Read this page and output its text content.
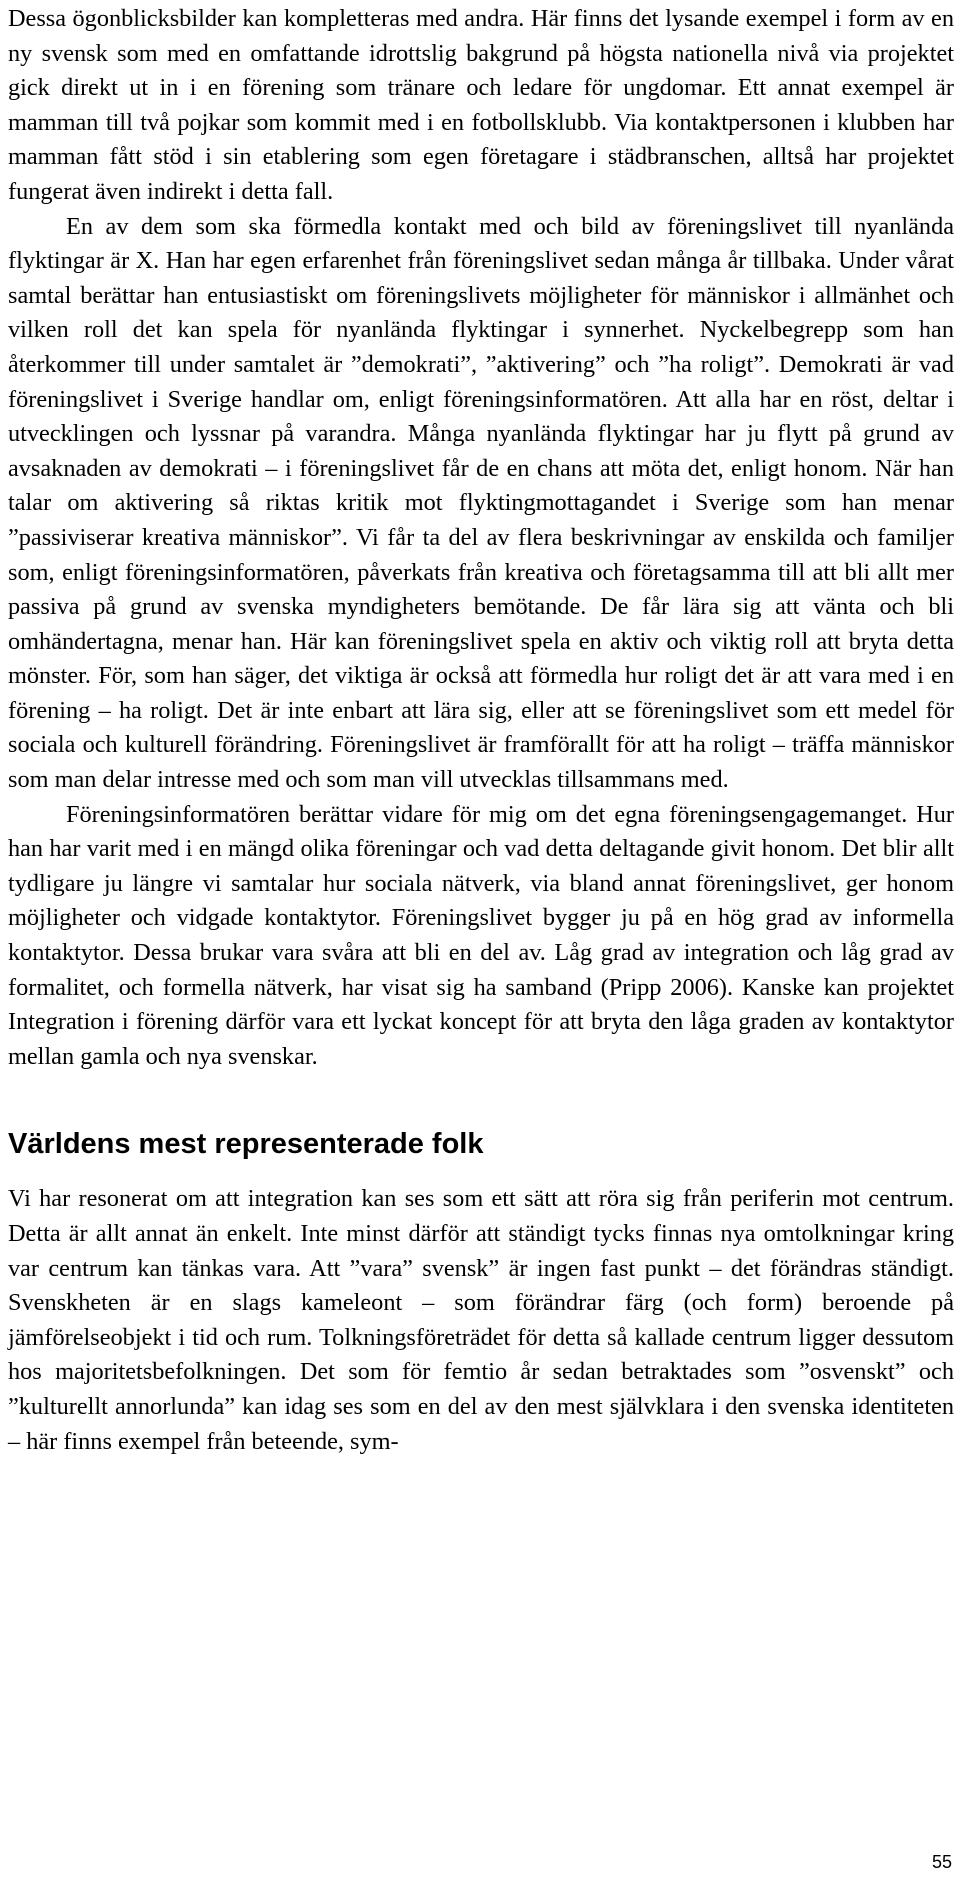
Dessa ögonblicksbilder kan kompletteras med andra. Här finns det lysande exempel i form av en ny svensk som med en omfattande idrottslig bakgrund på högsta nationella nivå via projektet gick direkt ut in i en förening som tränare och ledare för ungdomar. Ett annat exempel är mamman till två pojkar som kommit med i en fotbollsklubb. Via kontaktpersonen i klubben har mamman fått stöd i sin etablering som egen företagare i städbranschen, alltså har projektet fungerat även indirekt i detta fall.

En av dem som ska förmedla kontakt med och bild av föreningslivet till nyanlända flyktingar är X. Han har egen erfarenhet från föreningslivet sedan många år tillbaka. Under vårat samtal berättar han entusiastiskt om föreningslivets möjligheter för människor i allmänhet och vilken roll det kan spela för nyanlända flyktingar i synnerhet. Nyckelbegrepp som han återkommer till under samtalet är ”demokrati”, ”aktivering” och ”ha roligt”. Demokrati är vad föreningslivet i Sverige handlar om, enligt föreningsinformatören. Att alla har en röst, deltar i utvecklingen och lyssnar på varandra. Många nyanlända flyktingar har ju flytt på grund av avsaknaden av demokrati – i föreningslivet får de en chans att möta det, enligt honom. När han talar om aktivering så riktas kritik mot flyktingmottagandet i Sverige som han menar ”passiviserar kreativa människor”. Vi får ta del av flera beskrivningar av enskilda och familjer som, enligt föreningsinformatören, påverkats från kreativa och företagsamma till att bli allt mer passiva på grund av svenska myndigheters bemötande. De får lära sig att vänta och bli omhändertagna, menar han. Här kan föreningslivet spela en aktiv och viktig roll att bryta detta mönster. För, som han säger, det viktiga är också att förmedla hur roligt det är att vara med i en förening – ha roligt. Det är inte enbart att lära sig, eller att se föreningslivet som ett medel för sociala och kulturell förändring. Föreningslivet är framförallt för att ha roligt – träffa människor som man delar intresse med och som man vill utvecklas tillsammans med.

Föreningsinformatören berättar vidare för mig om det egna föreningsengagemanget. Hur han har varit med i en mängd olika föreningar och vad detta deltagande givit honom. Det blir allt tydligare ju längre vi samtalar hur sociala nätverk, via bland annat föreningslivet, ger honom möjligheter och vidgade kontaktytor. Föreningslivet bygger ju på en hög grad av informella kontaktytor. Dessa brukar vara svåra att bli en del av. Låg grad av integration och låg grad av formalitet, och formella nätverk, har visat sig ha samband (Pripp 2006). Kanske kan projektet Integration i förening därför vara ett lyckat koncept för att bryta den låga graden av kontaktytor mellan gamla och nya svenskar.

Världens mest representerade folk

Vi har resonerat om att integration kan ses som ett sätt att röra sig från periferin mot centrum. Detta är allt annat än enkelt. Inte minst därför att ständigt tycks finnas nya omtolkningar kring var centrum kan tänkas vara. Att ”vara” svensk” är ingen fast punkt – det förändras ständigt. Svenskheten är en slags kameleont – som förändrar färg (och form) beroende på jämförelseobjekt i tid och rum. Tolkningsföreträdet för detta så kallade centrum ligger dessutom hos majoritetsbefolkningen. Det som för femtio år sedan betraktades som ”osvenskt” och ”kulturellt annorlunda” kan idag ses som en del av den mest självklara i den svenska identiteten – här finns exempel från beteende, sym-

55
